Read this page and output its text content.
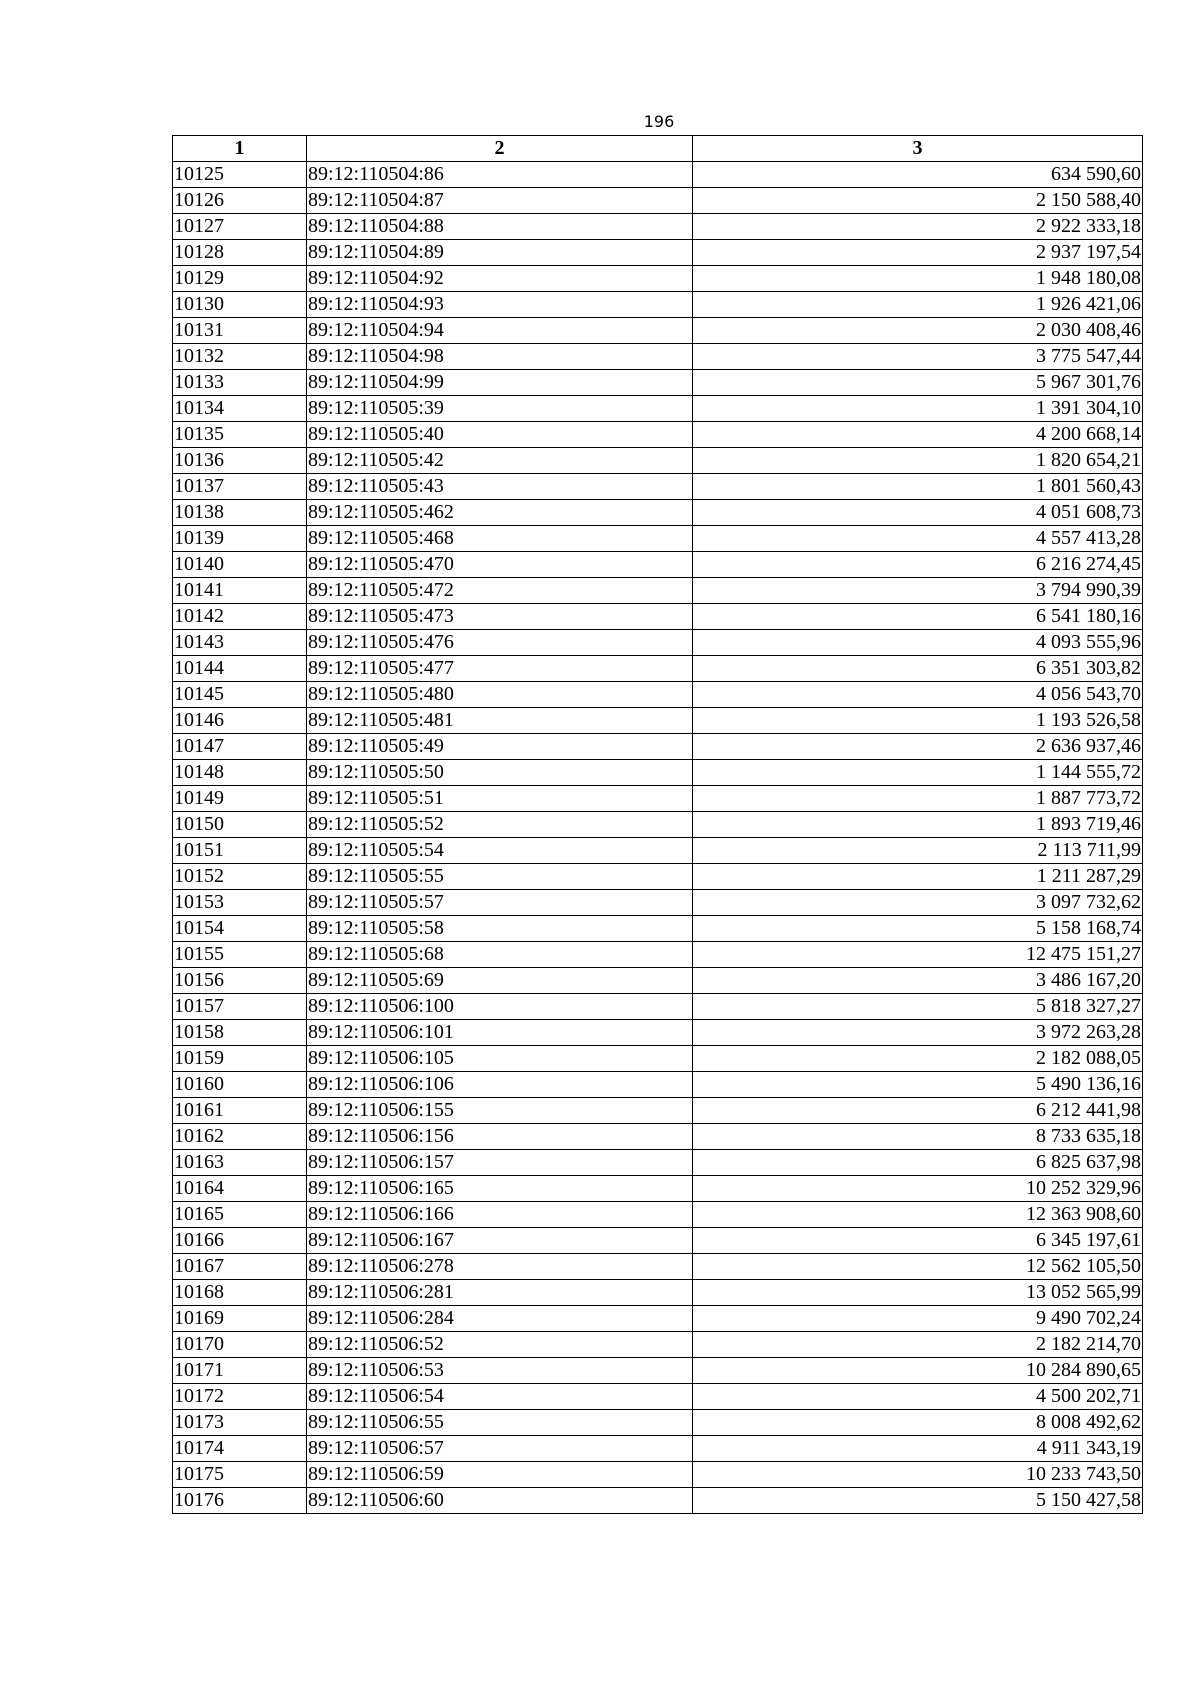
196
1	2	3
10125	89:12:110504:86	634 590,60
10126	89:12:110504:87	2 150 588,40
10127	89:12:110504:88	2 922 333,18
10128	89:12:110504:89	2 937 197,54
10129	89:12:110504:92	1 948 180,08
10130	89:12:110504:93	1 926 421,06
10131	89:12:110504:94	2 030 408,46
10132	89:12:110504:98	3 775 547,44
10133	89:12:110504:99	5 967 301,76
10134	89:12:110505:39	1 391 304,10
10135	89:12:110505:40	4 200 668,14
10136	89:12:110505:42	1 820 654,21
10137	89:12:110505:43	1 801 560,43
10138	89:12:110505:462	4 051 608,73
10139	89:12:110505:468	4 557 413,28
10140	89:12:110505:470	6 216 274,45
10141	89:12:110505:472	3 794 990,39
10142	89:12:110505:473	6 541 180,16
10143	89:12:110505:476	4 093 555,96
10144	89:12:110505:477	6 351 303,82
10145	89:12:110505:480	4 056 543,70
10146	89:12:110505:481	1 193 526,58
10147	89:12:110505:49	2 636 937,46
10148	89:12:110505:50	1 144 555,72
10149	89:12:110505:51	1 887 773,72
10150	89:12:110505:52	1 893 719,46
10151	89:12:110505:54	2 113 711,99
10152	89:12:110505:55	1 211 287,29
10153	89:12:110505:57	3 097 732,62
10154	89:12:110505:58	5 158 168,74
10155	89:12:110505:68	12 475 151,27
10156	89:12:110505:69	3 486 167,20
10157	89:12:110506:100	5 818 327,27
10158	89:12:110506:101	3 972 263,28
10159	89:12:110506:105	2 182 088,05
10160	89:12:110506:106	5 490 136,16
10161	89:12:110506:155	6 212 441,98
10162	89:12:110506:156	8 733 635,18
10163	89:12:110506:157	6 825 637,98
10164	89:12:110506:165	10 252 329,96
10165	89:12:110506:166	12 363 908,60
10166	89:12:110506:167	6 345 197,61
10167	89:12:110506:278	12 562 105,50
10168	89:12:110506:281	13 052 565,99
10169	89:12:110506:284	9 490 702,24
10170	89:12:110506:52	2 182 214,70
10171	89:12:110506:53	10 284 890,65
10172	89:12:110506:54	4 500 202,71
10173	89:12:110506:55	8 008 492,62
10174	89:12:110506:57	4 911 343,19
10175	89:12:110506:59	10 233 743,50
10176	89:12:110506:60	5 150 427,58
